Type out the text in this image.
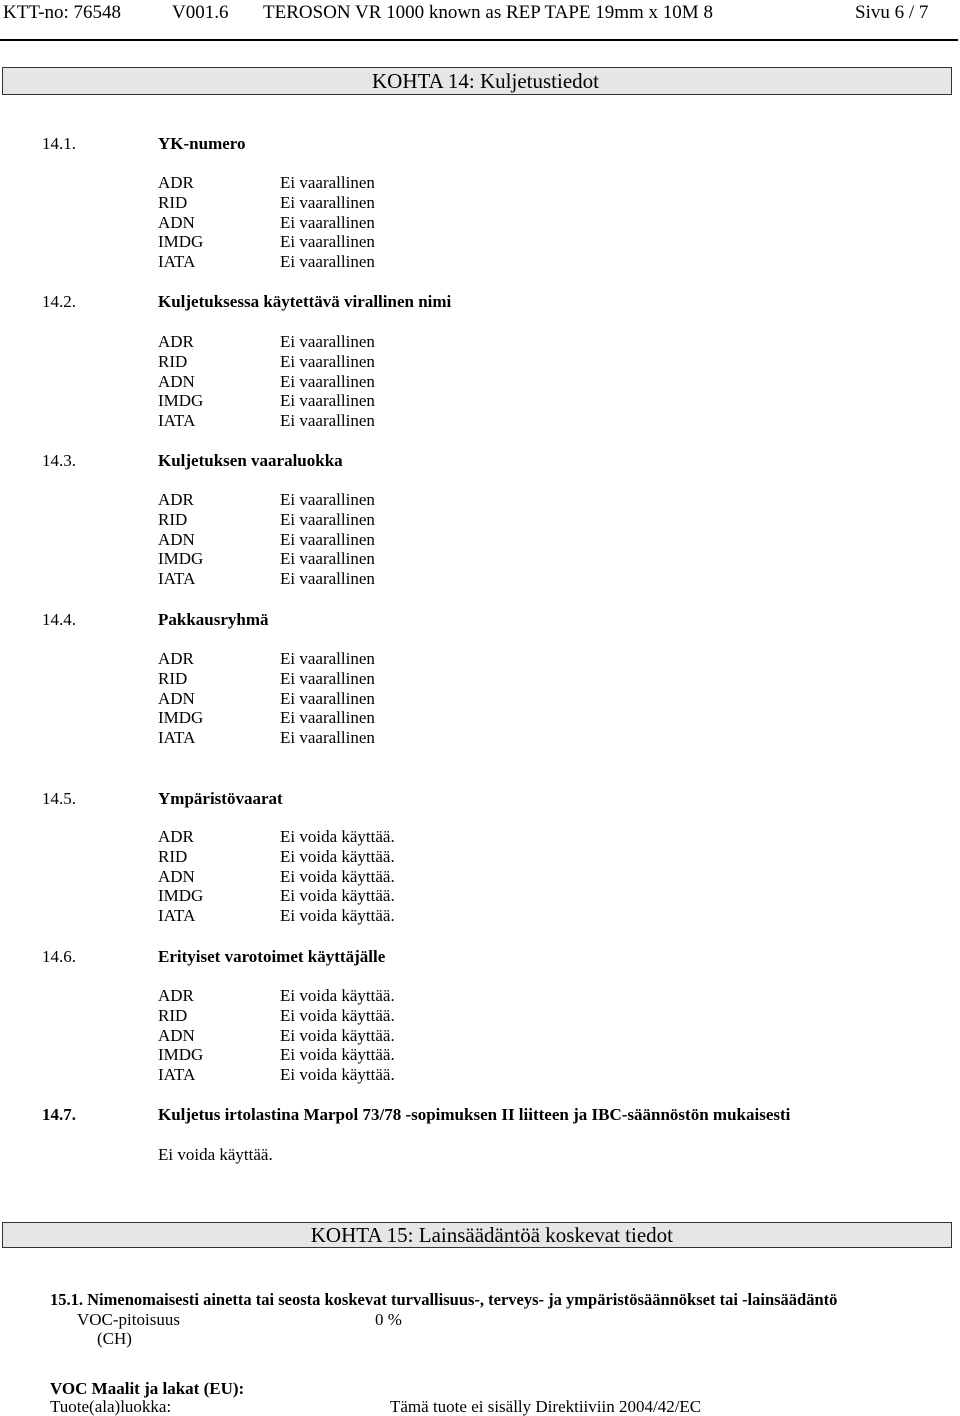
KTT-no: 76548	V001.6 TEROSON VR 1000 known as REP TAPE 19mm x 10M 8	Sivu 6 / 7
KOHTA 14: Kuljetustiedot
14.1.	YK-numero
ADR	Ei vaarallinen
RID	Ei vaarallinen
ADN	Ei vaarallinen
IMDG	Ei vaarallinen
IATA	Ei vaarallinen
14.2.	Kuljetuksessa käytettävä virallinen nimi
ADR	Ei vaarallinen
RID	Ei vaarallinen
ADN	Ei vaarallinen
IMDG	Ei vaarallinen
IATA	Ei vaarallinen
14.3.	Kuljetuksen vaaraluokka
ADR	Ei vaarallinen
RID	Ei vaarallinen
ADN	Ei vaarallinen
IMDG	Ei vaarallinen
IATA	Ei vaarallinen
14.4.	Pakkausryhmä
ADR	Ei vaarallinen
RID	Ei vaarallinen
ADN	Ei vaarallinen
IMDG	Ei vaarallinen
IATA	Ei vaarallinen
14.5.	Ympäristövaarat
ADR	Ei voida käyttää.
RID	Ei voida käyttää.
ADN	Ei voida käyttää.
IMDG	Ei voida käyttää.
IATA	Ei voida käyttää.
14.6.	Erityiset varotoimet käyttäjälle
ADR	Ei voida käyttää.
RID	Ei voida käyttää.
ADN	Ei voida käyttää.
IMDG	Ei voida käyttää.
IATA	Ei voida käyttää.
14.7.	Kuljetus irtolastina Marpol 73/78 -sopimuksen II liitteen ja IBC-säännöstön mukaisesti
Ei voida käyttää.
KOHTA 15: Lainsäädäntöä koskevat tiedot
15.1. Nimenomaisesti ainetta tai seosta koskevat turvallisuus-, terveys- ja ympäristösäännökset tai -lainsäädäntö
VOC-pitoisuus	0 %
(CH)
VOC Maalit ja lakat (EU):
Tuote(ala)luokka:	Tämä tuote ei sisälly Direktiiviin 2004/42/EC
